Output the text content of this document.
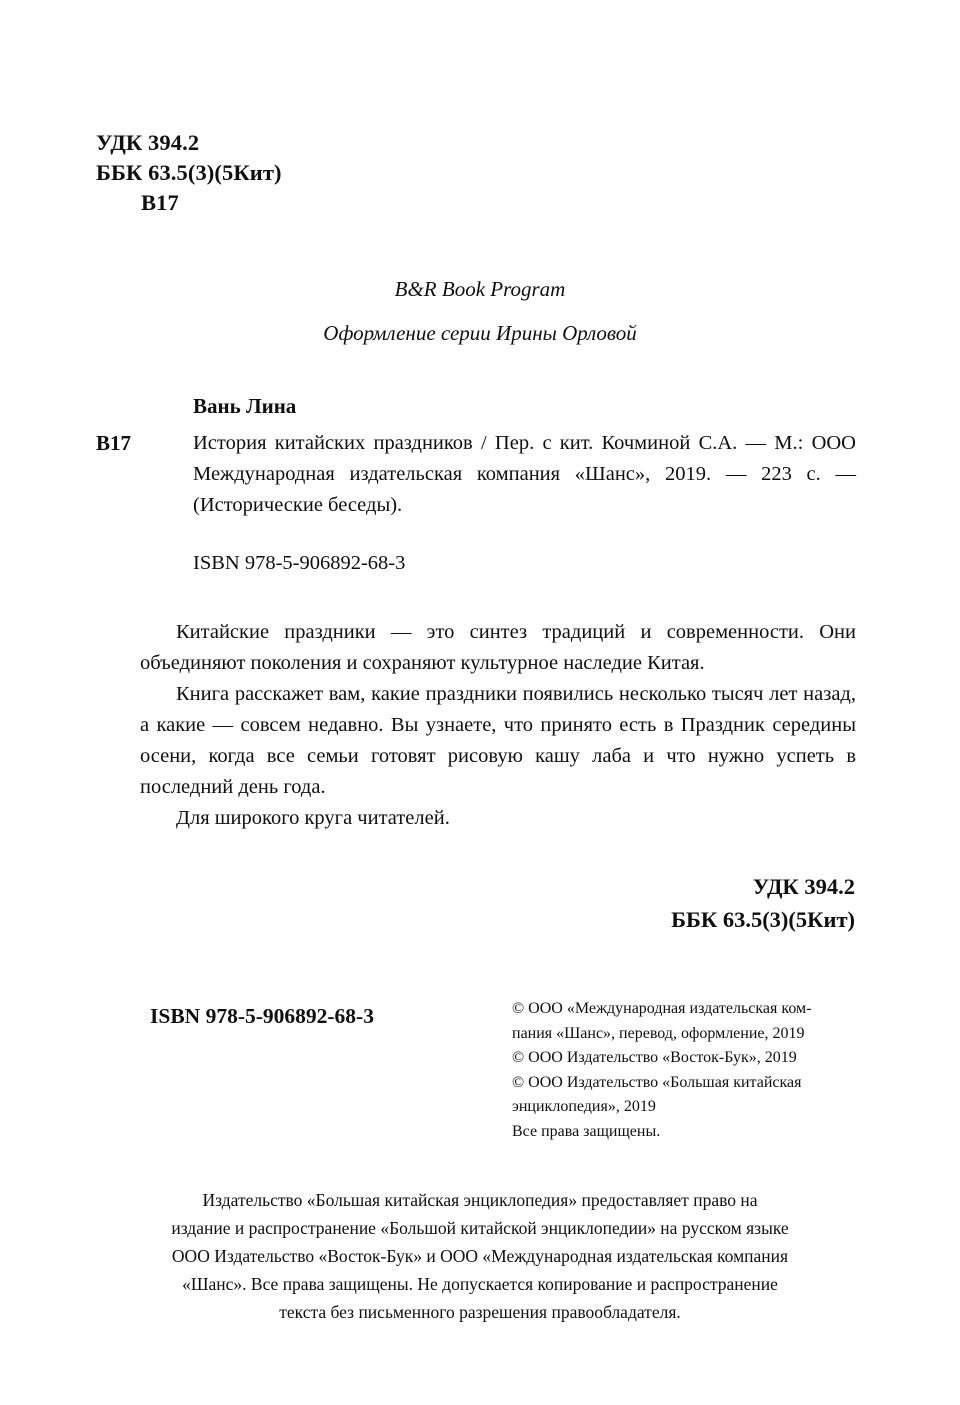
УДК 394.2
ББК 63.5(3)(5Кит)
В17
B&R Book Program
Оформление серии Ирины Орловой
Вань Лина
В17	История китайских праздников / Пер. с кит. Кочминой С.А. — М.: ООО Международная издательская компания «Шанс», 2019. — 223 с. — (Исторические беседы).
ISBN 978-5-906892-68-3

Китайские праздники — это синтез традиций и современности. Они объединяют поколения и сохраняют культурное наследие Китая.

Книга расскажет вам, какие праздники появились несколько тысяч лет назад, а какие — совсем недавно. Вы узнаете, что принято есть в Праздник середины осени, когда все семьи готовят рисовую кашу лаба и что нужно успеть в последний день года.

Для широкого круга читателей.

УДК 394.2
ББК 63.5(3)(5Кит)
ISBN 978-5-906892-68-3	© ООО «Международная издательская ком-
пания «Шанс», перевод, оформление, 2019
© ООО Издательство «Восток-Бук», 2019
© ООО Издательство «Большая китайская
энциклопедия», 2019
Все права защищены.
Издательство «Большая китайская энциклопедия» предоставляет право на
издание и распространение «Большой китайской энциклопедии» на русском языке
ООО Издательство «Восток-Бук» и ООО «Международная издательская компания
«Шанс». Все права защищены. Не допускается копирование и распространение
текста без письменного разрешения правообладателя.
